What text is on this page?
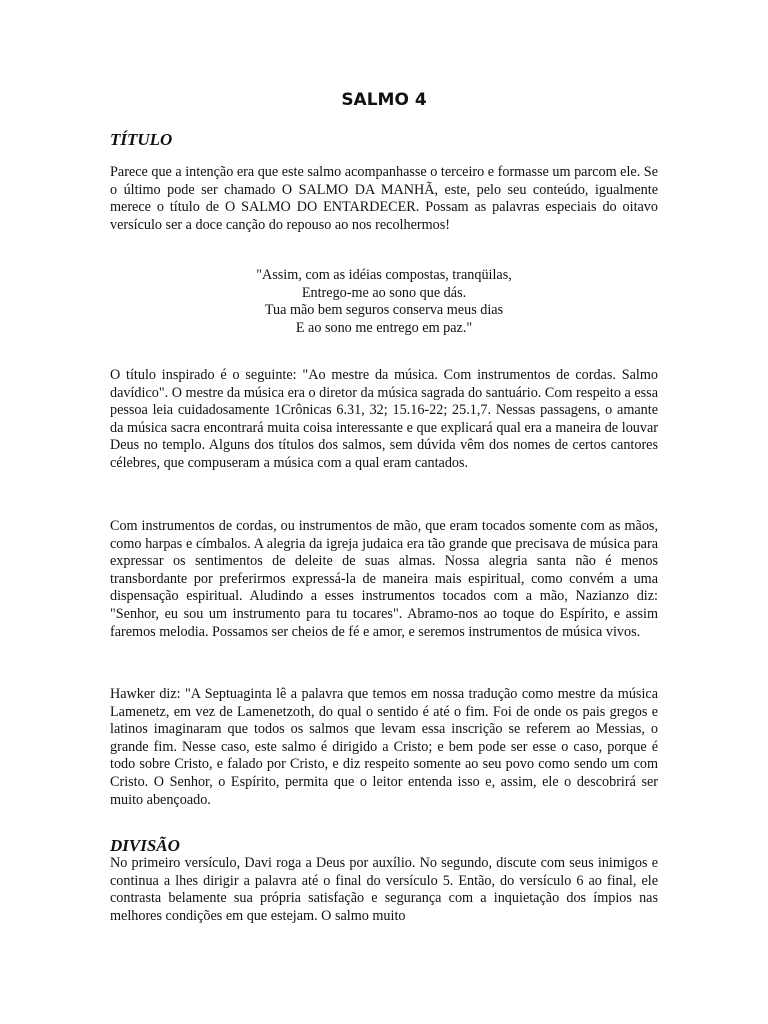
SALMO 4
TÍTULO

Parece que a intenção era que este salmo acompanhasse o terceiro e formasse um parcom ele. Se o último pode ser chamado O SALMO DA MANHÃ, este, pelo seu conteúdo, igualmente merece o título de O SALMO DO ENTARDECER. Possam as palavras especiais do oitavo versículo ser a doce canção do repouso ao nos recolhermos!

"Assim, com as idéias compostas, tranqüilas,
Entrego-me ao sono que dás.
Tua mão bem seguros conserva meus dias
E ao sono me entrego em paz."

O título inspirado é o seguinte: "Ao mestre da música. Com instrumentos de cordas. Salmo davídico". O mestre da música era o diretor da música sagrada do santuário. Com respeito a essa pessoa leia cuidadosamente 1Crônicas 6.31, 32; 15.16-22; 25.1,7. Nessas passagens, o amante da música sacra encontrará muita coisa interessante e que explicará qual era a maneira de louvar Deus no templo. Alguns dos títulos dos salmos, sem dúvida vêm dos nomes de certos cantores célebres, que compuseram a música com a qual eram cantados.

Com instrumentos de cordas, ou instrumentos de mão, que eram tocados somente com as mãos, como harpas e címbalos. A alegria da igreja judaica era tão grande que precisava de música para expressar os sentimentos de deleite de suas almas. Nossa alegria santa não é menos transbordante por preferirmos expressá-la de maneira mais espiritual, como convém a uma dispensação espiritual. Aludindo a esses instrumentos tocados com a mão, Nazianzo diz: "Senhor, eu sou um instrumento para tu tocares". Abramo-nos ao toque do Espírito, e assim faremos melodia. Possamos ser cheios de fé e amor, e seremos instrumentos de música vivos.

Hawker diz: "A Septuaginta lê a palavra que temos em nossa tradução como mestre da música Lamenetz, em vez de Lamenetzoth, do qual o sentido é até o fim. Foi de onde os pais gregos e latinos imaginaram que todos os salmos que levam essa inscrição se referem ao Messias, o grande fim. Nesse caso, este salmo é dirigido a Cristo; e bem pode ser esse o caso, porque é todo sobre Cristo, e falado por Cristo, e diz respeito somente ao seu povo como sendo um com Cristo. O Senhor, o Espírito, permita que o leitor entenda isso e, assim, ele o descobrirá ser muito abençoado.

DIVISÃO

No primeiro versículo, Davi roga a Deus por auxílio. No segundo, discute com seus inimigos e continua a lhes dirigir a palavra até o final do versículo 5. Então, do versículo 6 ao final, ele contrasta belamente sua própria satisfação e segurança com a inquietação dos ímpios nas melhores condições em que estejam. O salmo muito
